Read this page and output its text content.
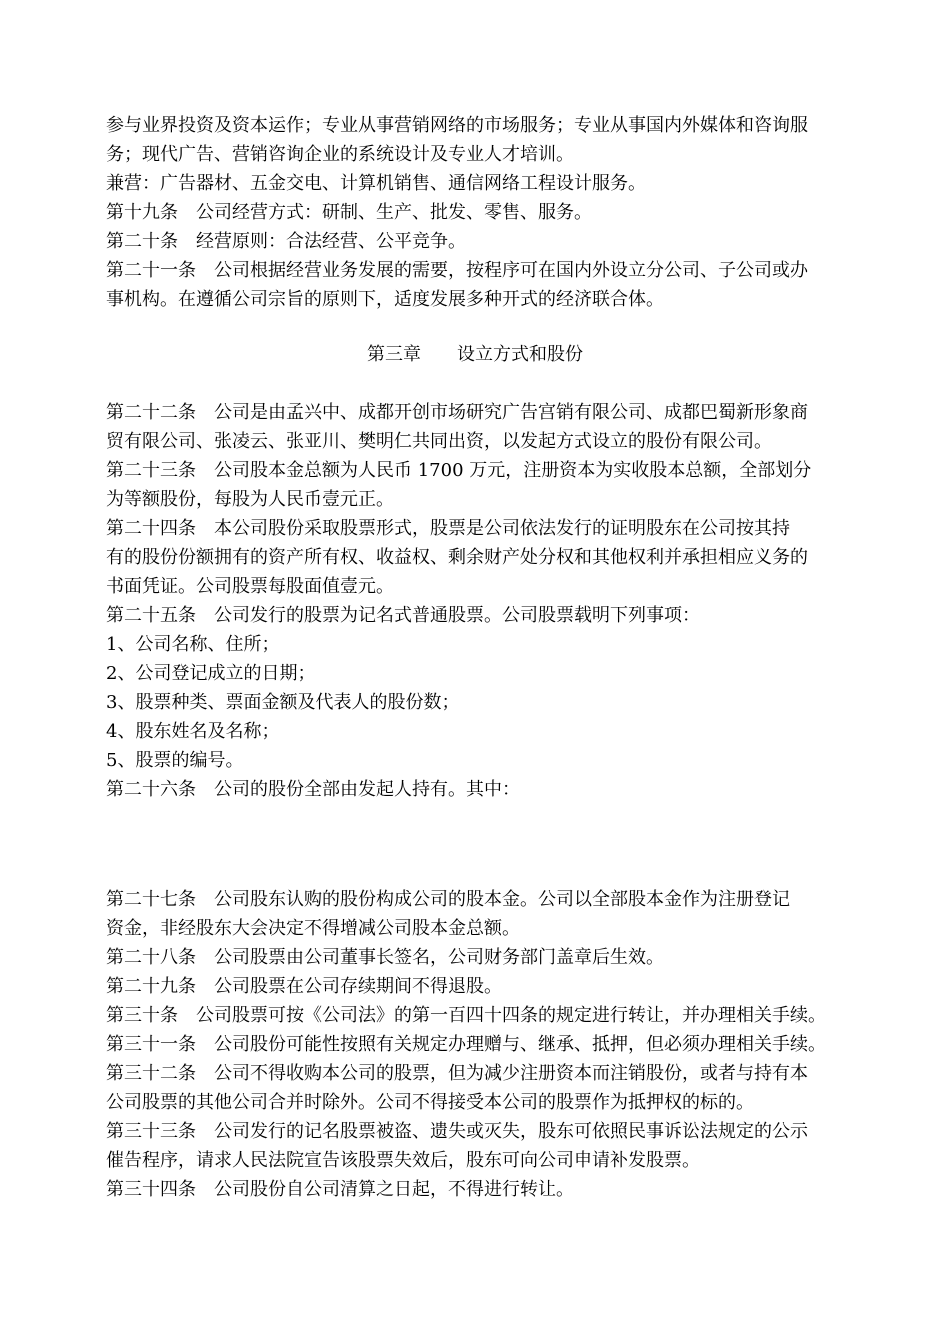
参与业界投资及资本运作；专业从事营销网络的市场服务；专业从事国内外媒体和咨询服
务；现代广告、营销咨询企业的系统设计及专业人才培训。
兼营：广告器材、五金交电、计算机销售、通信网络工程设计服务。
第十九条　公司经营方式：研制、生产、批发、零售、服务。
第二十条　经营原则：合法经营、公平竞争。
第二十一条　公司根据经营业务发展的需要，按程序可在国内外设立分公司、子公司或办
事机构。在遵循公司宗旨的原则下，适度发展多种开式的经济联合体。
第三章　　设立方式和股份
第二十二条　公司是由孟兴中、成都开创市场研究广告宫销有限公司、成都巴蜀新形象商
贸有限公司、张凌云、张亚川、樊明仁共同出资，以发起方式设立的股份有限公司。
第二十三条　公司股本金总额为人民币 1700 万元，注册资本为实收股本总额，全部划分
为等额股份，每股为人民币壹元正。
第二十四条　本公司股份采取股票形式，股票是公司依法发行的证明股东在公司按其持
有的股份份额拥有的资产所有权、收益权、剩余财产处分权和其他权利并承担相应义务的
书面凭证。公司股票每股面值壹元。
第二十五条　公司发行的股票为记名式普通股票。公司股票载明下列事项：
1、公司名称、住所；
2、公司登记成立的日期；
3、股票种类、票面金额及代表人的股份数；
4、股东姓名及名称；
5、股票的编号。
第二十六条　公司的股份全部由发起人持有。其中：
第二十七条　公司股东认购的股份构成公司的股本金。公司以全部股本金作为注册登记
资金，非经股东大会决定不得增减公司股本金总额。
第二十八条　公司股票由公司董事长签名，公司财务部门盖章后生效。
第二十九条　公司股票在公司存续期间不得退股。
第三十条　公司股票可按《公司法》的第一百四十四条的规定进行转让，并办理相关手续。
第三十一条　公司股份可能性按照有关规定办理赠与、继承、抵押，但必须办理相关手续。
第三十二条　公司不得收购本公司的股票，但为减少注册资本而注销股份，或者与持有本
公司股票的其他公司合并时除外。公司不得接受本公司的股票作为抵押权的标的。
第三十三条　公司发行的记名股票被盗、遗失或灭失，股东可依照民事诉讼法规定的公示
催告程序，请求人民法院宣告该股票失效后，股东可向公司申请补发股票。
第三十四条　公司股份自公司清算之日起，不得进行转让。
